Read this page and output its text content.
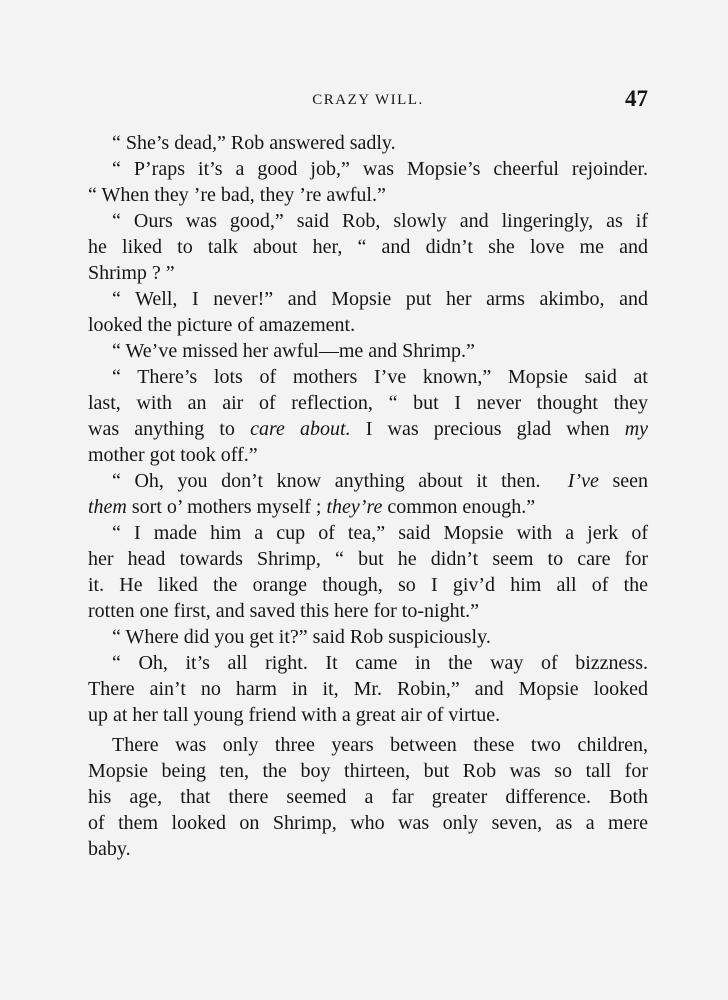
CRAZY WILL.	47
“ She’s dead,” Rob answered sadly.
“ P’raps it’s a good job,” was Mopsie’s cheerful rejoinder.
“ When they ’re bad, they ’re awful.”
“ Ours was good,” said Rob, slowly and lingeringly, as if
he liked to talk about her, “ and didn’t she love me and
Shrimp ? ”
“ Well, I never!” and Mopsie put her arms akimbo, and
looked the picture of amazement.
“ We’ve missed her awful—me and Shrimp.”
“ There’s lots of mothers I’ve known,” Mopsie said at
last, with an air of reflection, “ but I never thought they
was anything to care about. I was precious glad when my
mother got took off.”
“ Oh, you don’t know anything about it then.  I’ve seen
them sort o’ mothers myself ; they’re common enough.”
“ I made him a cup of tea,” said Mopsie with a jerk of
her head towards Shrimp, “ but he didn’t seem to care for
it. He liked the orange though, so I giv’d him all of the
rotten one first, and saved this here for to-night.”
“ Where did you get it?” said Rob suspiciously.
“ Oh, it’s all right. It came in the way of bizzness.
There ain’t no harm in it, Mr. Robin,” and Mopsie looked
up at her tall young friend with a great air of virtue.
There was only three years between these two children,
Mopsie being ten, the boy thirteen, but Rob was so tall for
his age, that there seemed a far greater difference. Both
of them looked on Shrimp, who was only seven, as a mere
baby.
